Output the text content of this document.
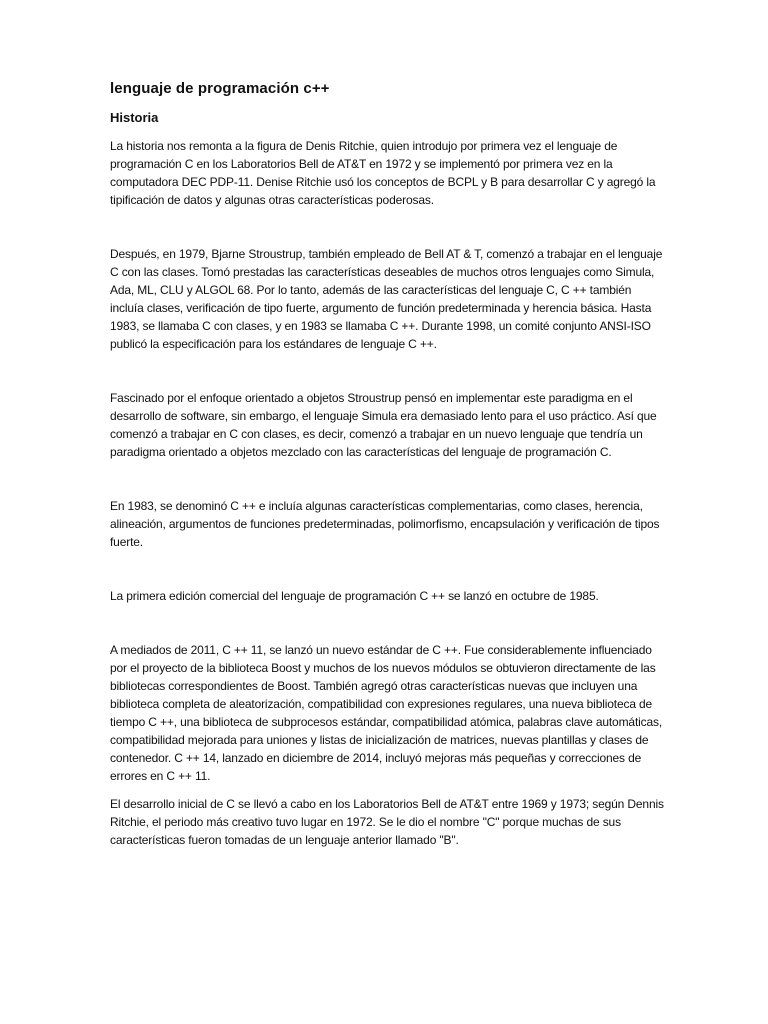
lenguaje de programación c++
Historia

La historia nos remonta a la figura de Denis Ritchie, quien introdujo por primera vez el lenguaje de programación C en los Laboratorios Bell de AT&T en 1972 y se implementó por primera vez en la computadora DEC PDP-11. Denise Ritchie usó los conceptos de BCPL y B para desarrollar C y agregó la tipificación de datos y algunas otras características poderosas.

Después, en 1979, Bjarne Stroustrup, también empleado de Bell AT & T, comenzó a trabajar en el lenguaje C con las clases. Tomó prestadas las características deseables de muchos otros lenguajes como Simula, Ada, ML, CLU y ALGOL 68. Por lo tanto, además de las características del lenguaje C, C ++ también incluía clases, verificación de tipo fuerte, argumento de función predeterminada y herencia básica. Hasta 1983, se llamaba C con clases, y en 1983 se llamaba C ++. Durante 1998, un comité conjunto ANSI-ISO publicó la especificación para los estándares de lenguaje C ++.

Fascinado por el enfoque orientado a objetos Stroustrup pensó en implementar este paradigma en el desarrollo de software, sin embargo, el lenguaje Simula era demasiado lento para el uso práctico. Así que comenzó a trabajar en C con clases, es decir, comenzó a trabajar en un nuevo lenguaje que tendría un paradigma orientado a objetos mezclado con las características del lenguaje de programación C.

En 1983, se denominó C ++ e incluía algunas características complementarias, como clases, herencia, alineación, argumentos de funciones predeterminadas, polimorfismo, encapsulación y verificación de tipos fuerte.

La primera edición comercial del lenguaje de programación C ++ se lanzó en octubre de 1985.

A mediados de 2011, C ++ 11, se lanzó un nuevo estándar de C ++. Fue considerablemente influenciado por el proyecto de la biblioteca Boost y muchos de los nuevos módulos se obtuvieron directamente de las bibliotecas correspondientes de Boost. También agregó otras características nuevas que incluyen una biblioteca completa de aleatorización, compatibilidad con expresiones regulares, una nueva biblioteca de tiempo C ++, una biblioteca de subprocesos estándar, compatibilidad atómica, palabras clave automáticas, compatibilidad mejorada para uniones y listas de inicialización de matrices, nuevas plantillas y clases de contenedor. C ++ 14, lanzado en diciembre de 2014, incluyó mejoras más pequeñas y correcciones de errores en C ++ 11.

El desarrollo inicial de C se llevó a cabo en los Laboratorios Bell de AT&T entre 1969 y 1973; según Dennis Ritchie, el periodo más creativo tuvo lugar en 1972. Se le dio el nombre "C" porque muchas de sus características fueron tomadas de un lenguaje anterior llamado "B".
